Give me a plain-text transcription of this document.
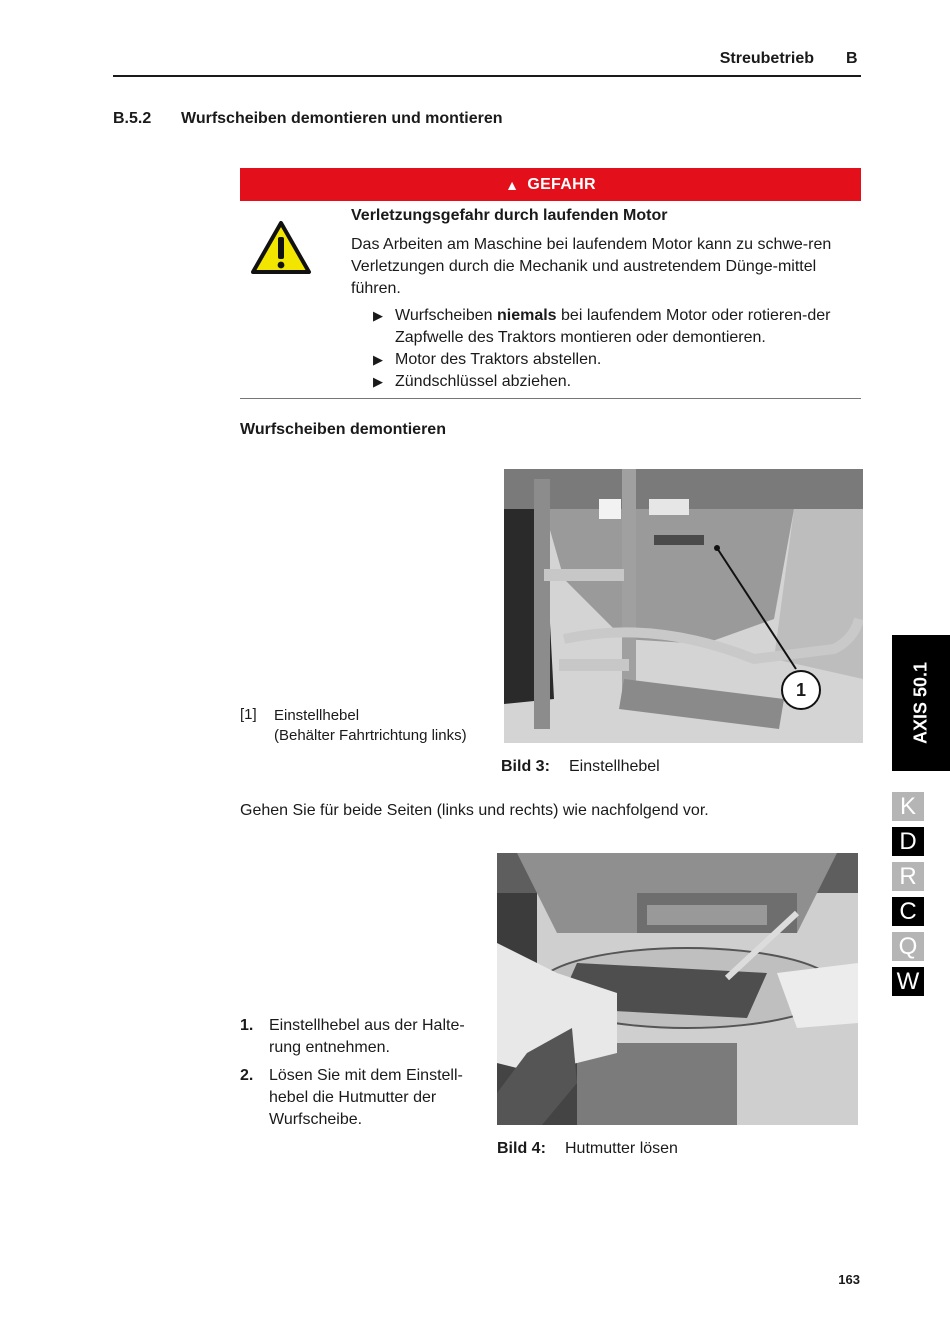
Streubetrieb B
B.5.2 Wurfscheiben demontieren und montieren
▲ GEFAHR
Verletzungsgefahr durch laufenden Motor

Das Arbeiten am Maschine bei laufendem Motor kann zu schwe-ren Verletzungen durch die Mechanik und austretendem Dünge-mittel führen.

▶ Wurfscheiben niemals bei laufendem Motor oder rotieren-der Zapfwelle des Traktors montieren oder demontieren.
▶ Motor des Traktors abstellen.
▶ Zündschlüssel abziehen.
Wurfscheiben demontieren
1
[1] Einstellhebel
(Behälter Fahrtrichtung links)
Bild 3: Einstellhebel
Gehen Sie für beide Seiten (links und rechts) wie nachfolgend vor.
1. Einstellhebel aus der Halte-rung entnehmen.
2. Lösen Sie mit dem Einstell-hebel die Hutmutter der Wurfscheibe.
Bild 4: Hutmutter lösen
AXIS 50.1
K
D
R
C
Q
W
163
